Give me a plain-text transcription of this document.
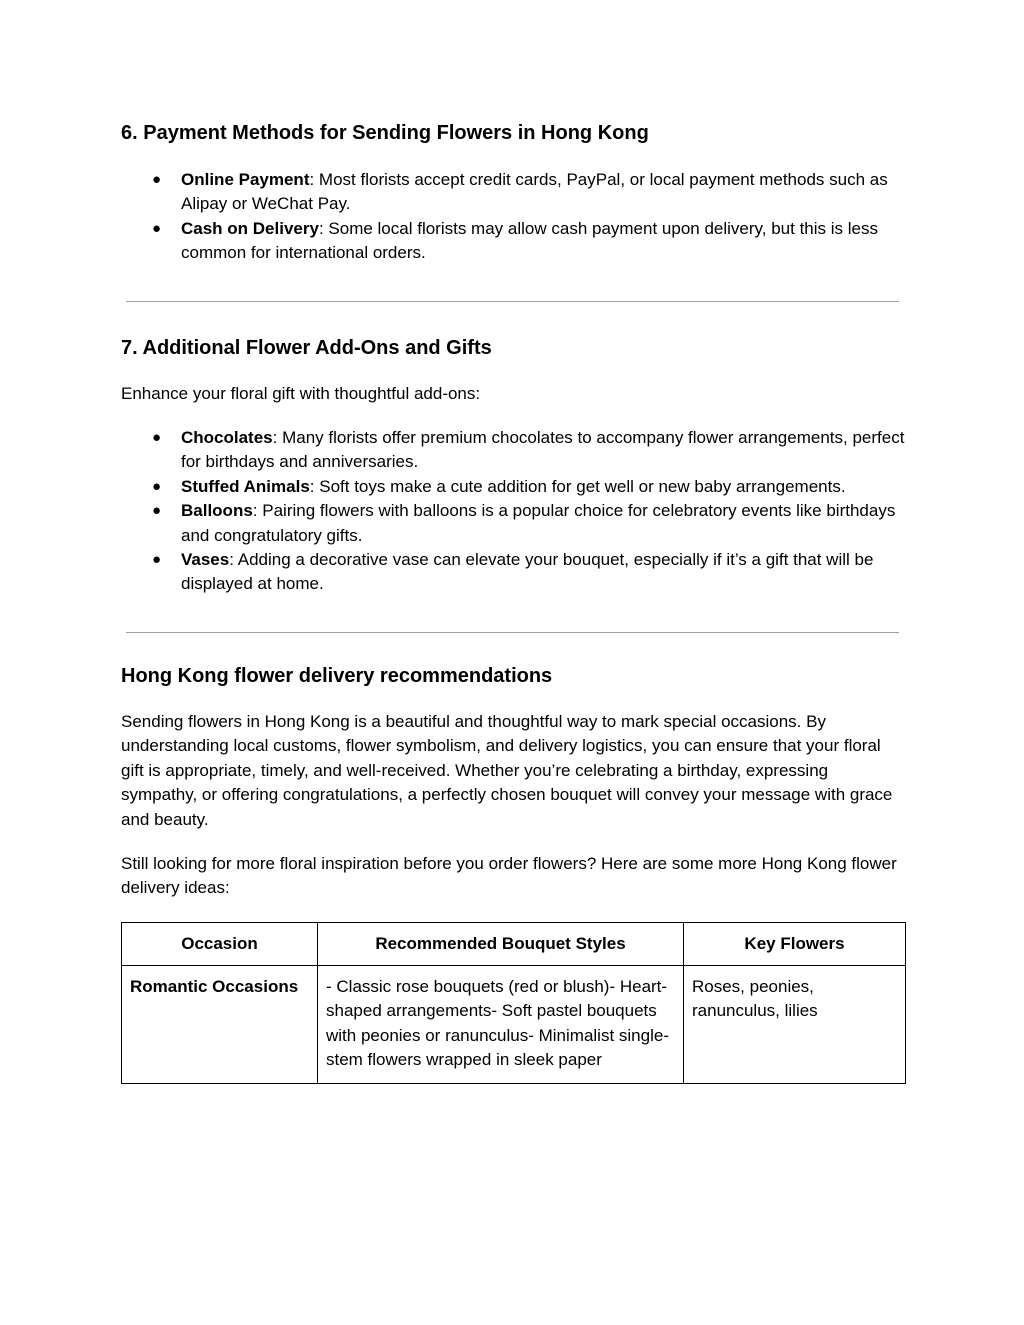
6. Payment Methods for Sending Flowers in Hong Kong
● Online Payment: Most florists accept credit cards, PayPal, or local payment methods such as Alipay or WeChat Pay.
● Cash on Delivery: Some local florists may allow cash payment upon delivery, but this is less common for international orders.
7. Additional Flower Add-Ons and Gifts

Enhance your floral gift with thoughtful add-ons:

● Chocolates: Many florists offer premium chocolates to accompany flower arrangements, perfect for birthdays and anniversaries.
● Stuffed Animals: Soft toys make a cute addition for get well or new baby arrangements.
● Balloons: Pairing flowers with balloons is a popular choice for celebratory events like birthdays and congratulatory gifts.
● Vases: Adding a decorative vase can elevate your bouquet, especially if it’s a gift that will be displayed at home.
Hong Kong flower delivery recommendations

Sending flowers in Hong Kong is a beautiful and thoughtful way to mark special occasions. By understanding local customs, flower symbolism, and delivery logistics, you can ensure that your floral gift is appropriate, timely, and well-received. Whether you’re celebrating a birthday, expressing sympathy, or offering congratulations, a perfectly chosen bouquet will convey your message with grace and beauty.

Still looking for more floral inspiration before you order flowers? Here are some more Hong Kong flower delivery ideas:

Occasion	Recommended Bouquet Styles	Key Flowers
Romantic Occasions	- Classic rose bouquets (red or blush)- Heart-shaped arrangements- Soft pastel bouquets with peonies or ranunculus- Minimalist single-stem flowers wrapped in sleek paper	Roses, peonies, ranunculus, lilies
